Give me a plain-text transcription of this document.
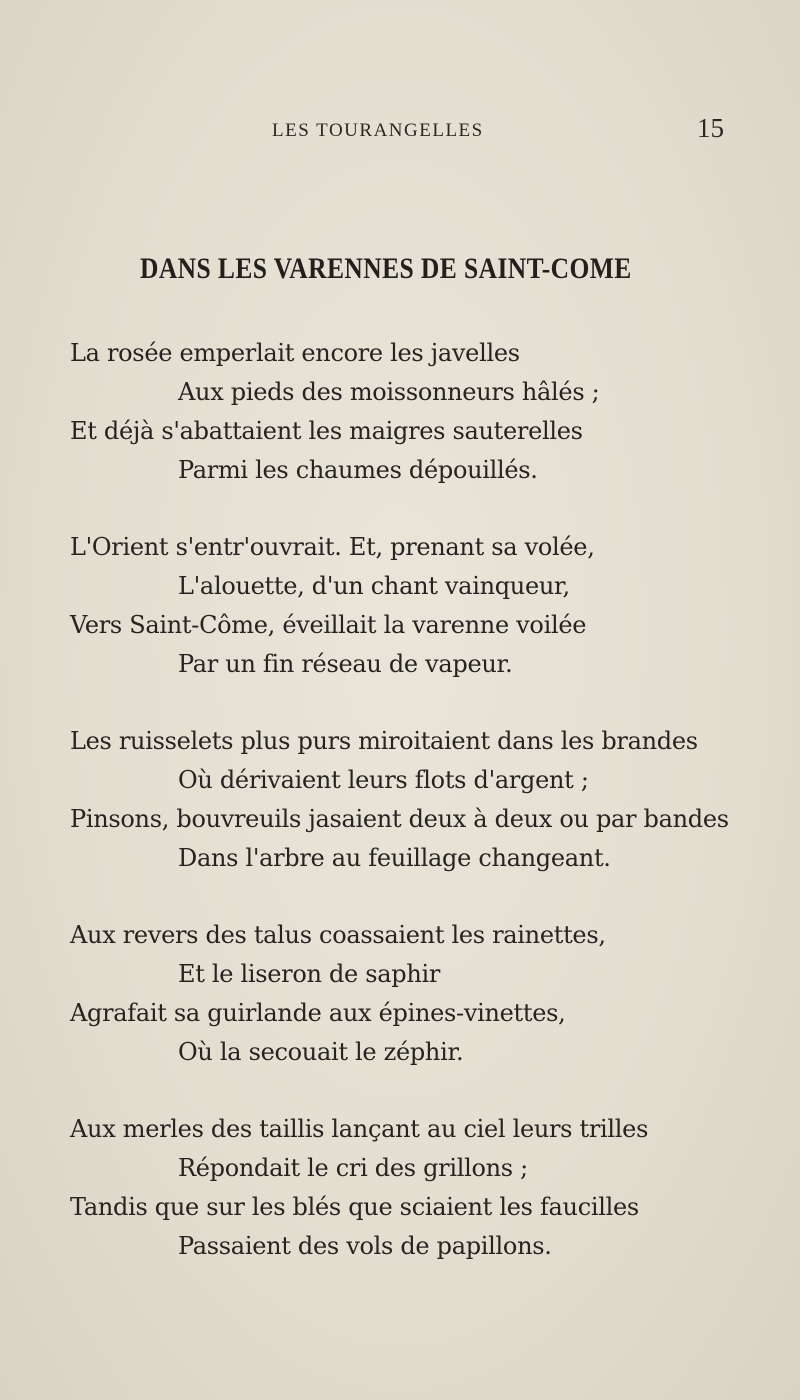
LES TOURANGELLES	15
DANS LES VARENNES DE SAINT-COME
La rosée emperlait encore les javelles
Aux pieds des moissonneurs hâlés ;
Et déjà s'abattaient les maigres sauterelles
Parmi les chaumes dépouillés.
L'Orient s'entr'ouvrait. Et, prenant sa volée,
L'alouette, d'un chant vainqueur,
Vers Saint-Côme, éveillait la varenne voilée
Par un fin réseau de vapeur.
Les ruisselets plus purs miroitaient dans les brandes
Où dérivaient leurs flots d'argent ;
Pinsons, bouvreuils jasaient deux à deux ou par bandes
Dans l'arbre au feuillage changeant.
Aux revers des talus coassaient les rainettes,
Et le liseron de saphir
Agrafait sa guirlande aux épines-vinettes,
Où la secouait le zéphir.
Aux merles des taillis lançant au ciel leurs trilles
Répondait le cri des grillons ;
Tandis que sur les blés que sciaient les faucilles
Passaient des vols de papillons.
